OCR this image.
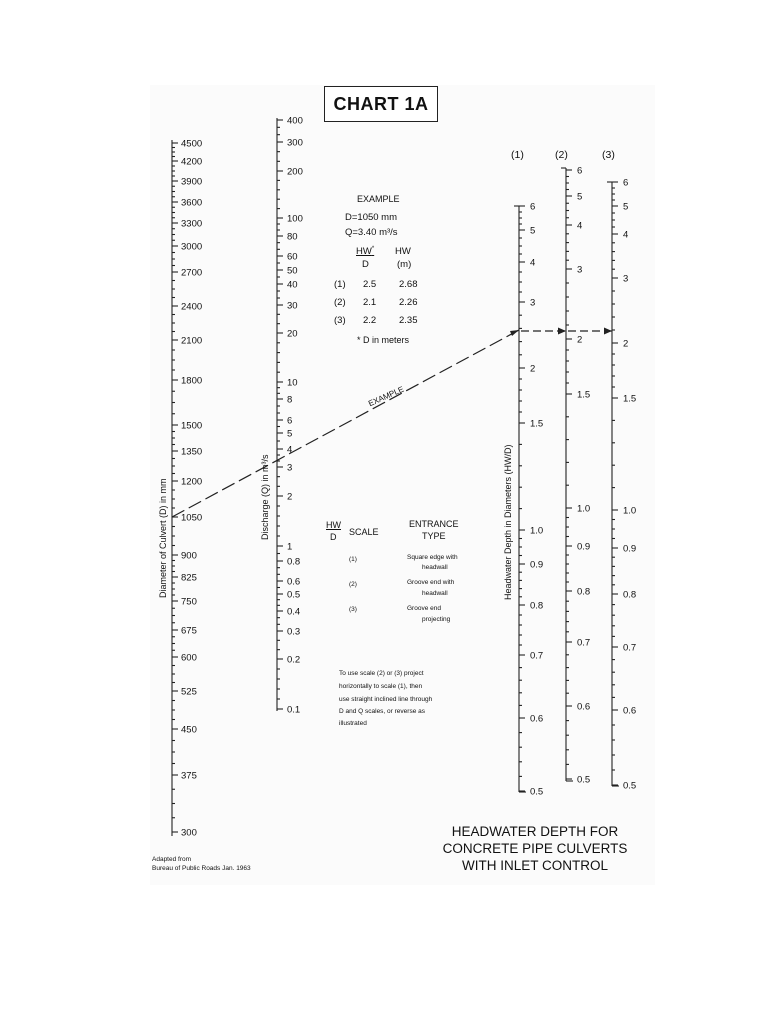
CHART 1A
4500
4200
3900
3600
3300
3000
2700
2400
2100
1800
1500
1350
1200
1050
900
825
750
675
600
525
450
375
300
400
300
200
100
80
60
50
40
30
20
10
8
6
5
4
3
2
1
0.8
0.6
0.5
0.4
0.3
0.2
0.1
6
5
4
3
2
1.5
1.0
0.9
0.8
0.7
0.6
0.5
6
5
4
3
2
1.5
1.0
0.9
0.8
0.7
0.6
0.5
6
5
4
3
2
1.5
1.0
0.9
0.8
0.7
0.6
0.5
Diameter of Culvert (D) in mm	Discharge (Q) in m³/s	Headwater Depth in Diameters (HW/D)
(1)	(2)	(3)
EXAMPLE
D=1050 mm
Q=3.40 m³/s
HW*
D
HW
(m)
(1) 2.5 2.68
(2) 2.1 2.26
(3) 2.2 2.35
* D in meters
EXAMPLE
HW
D SCALE
ENTRANCE
TYPE
(1)	Square edge with
headwall
(2)	Groove end with
headwall
(3)	Groove end
projecting
To use scale (2) or (3) project
horizontally to scale (1), then
use straight inclined line through
D and Q scales, or reverse as
illustrated
HEADWATER DEPTH FOR
CONCRETE PIPE CULVERTS
WITH INLET CONTROL
Adapted from
Bureau of Public Roads Jan. 1963
